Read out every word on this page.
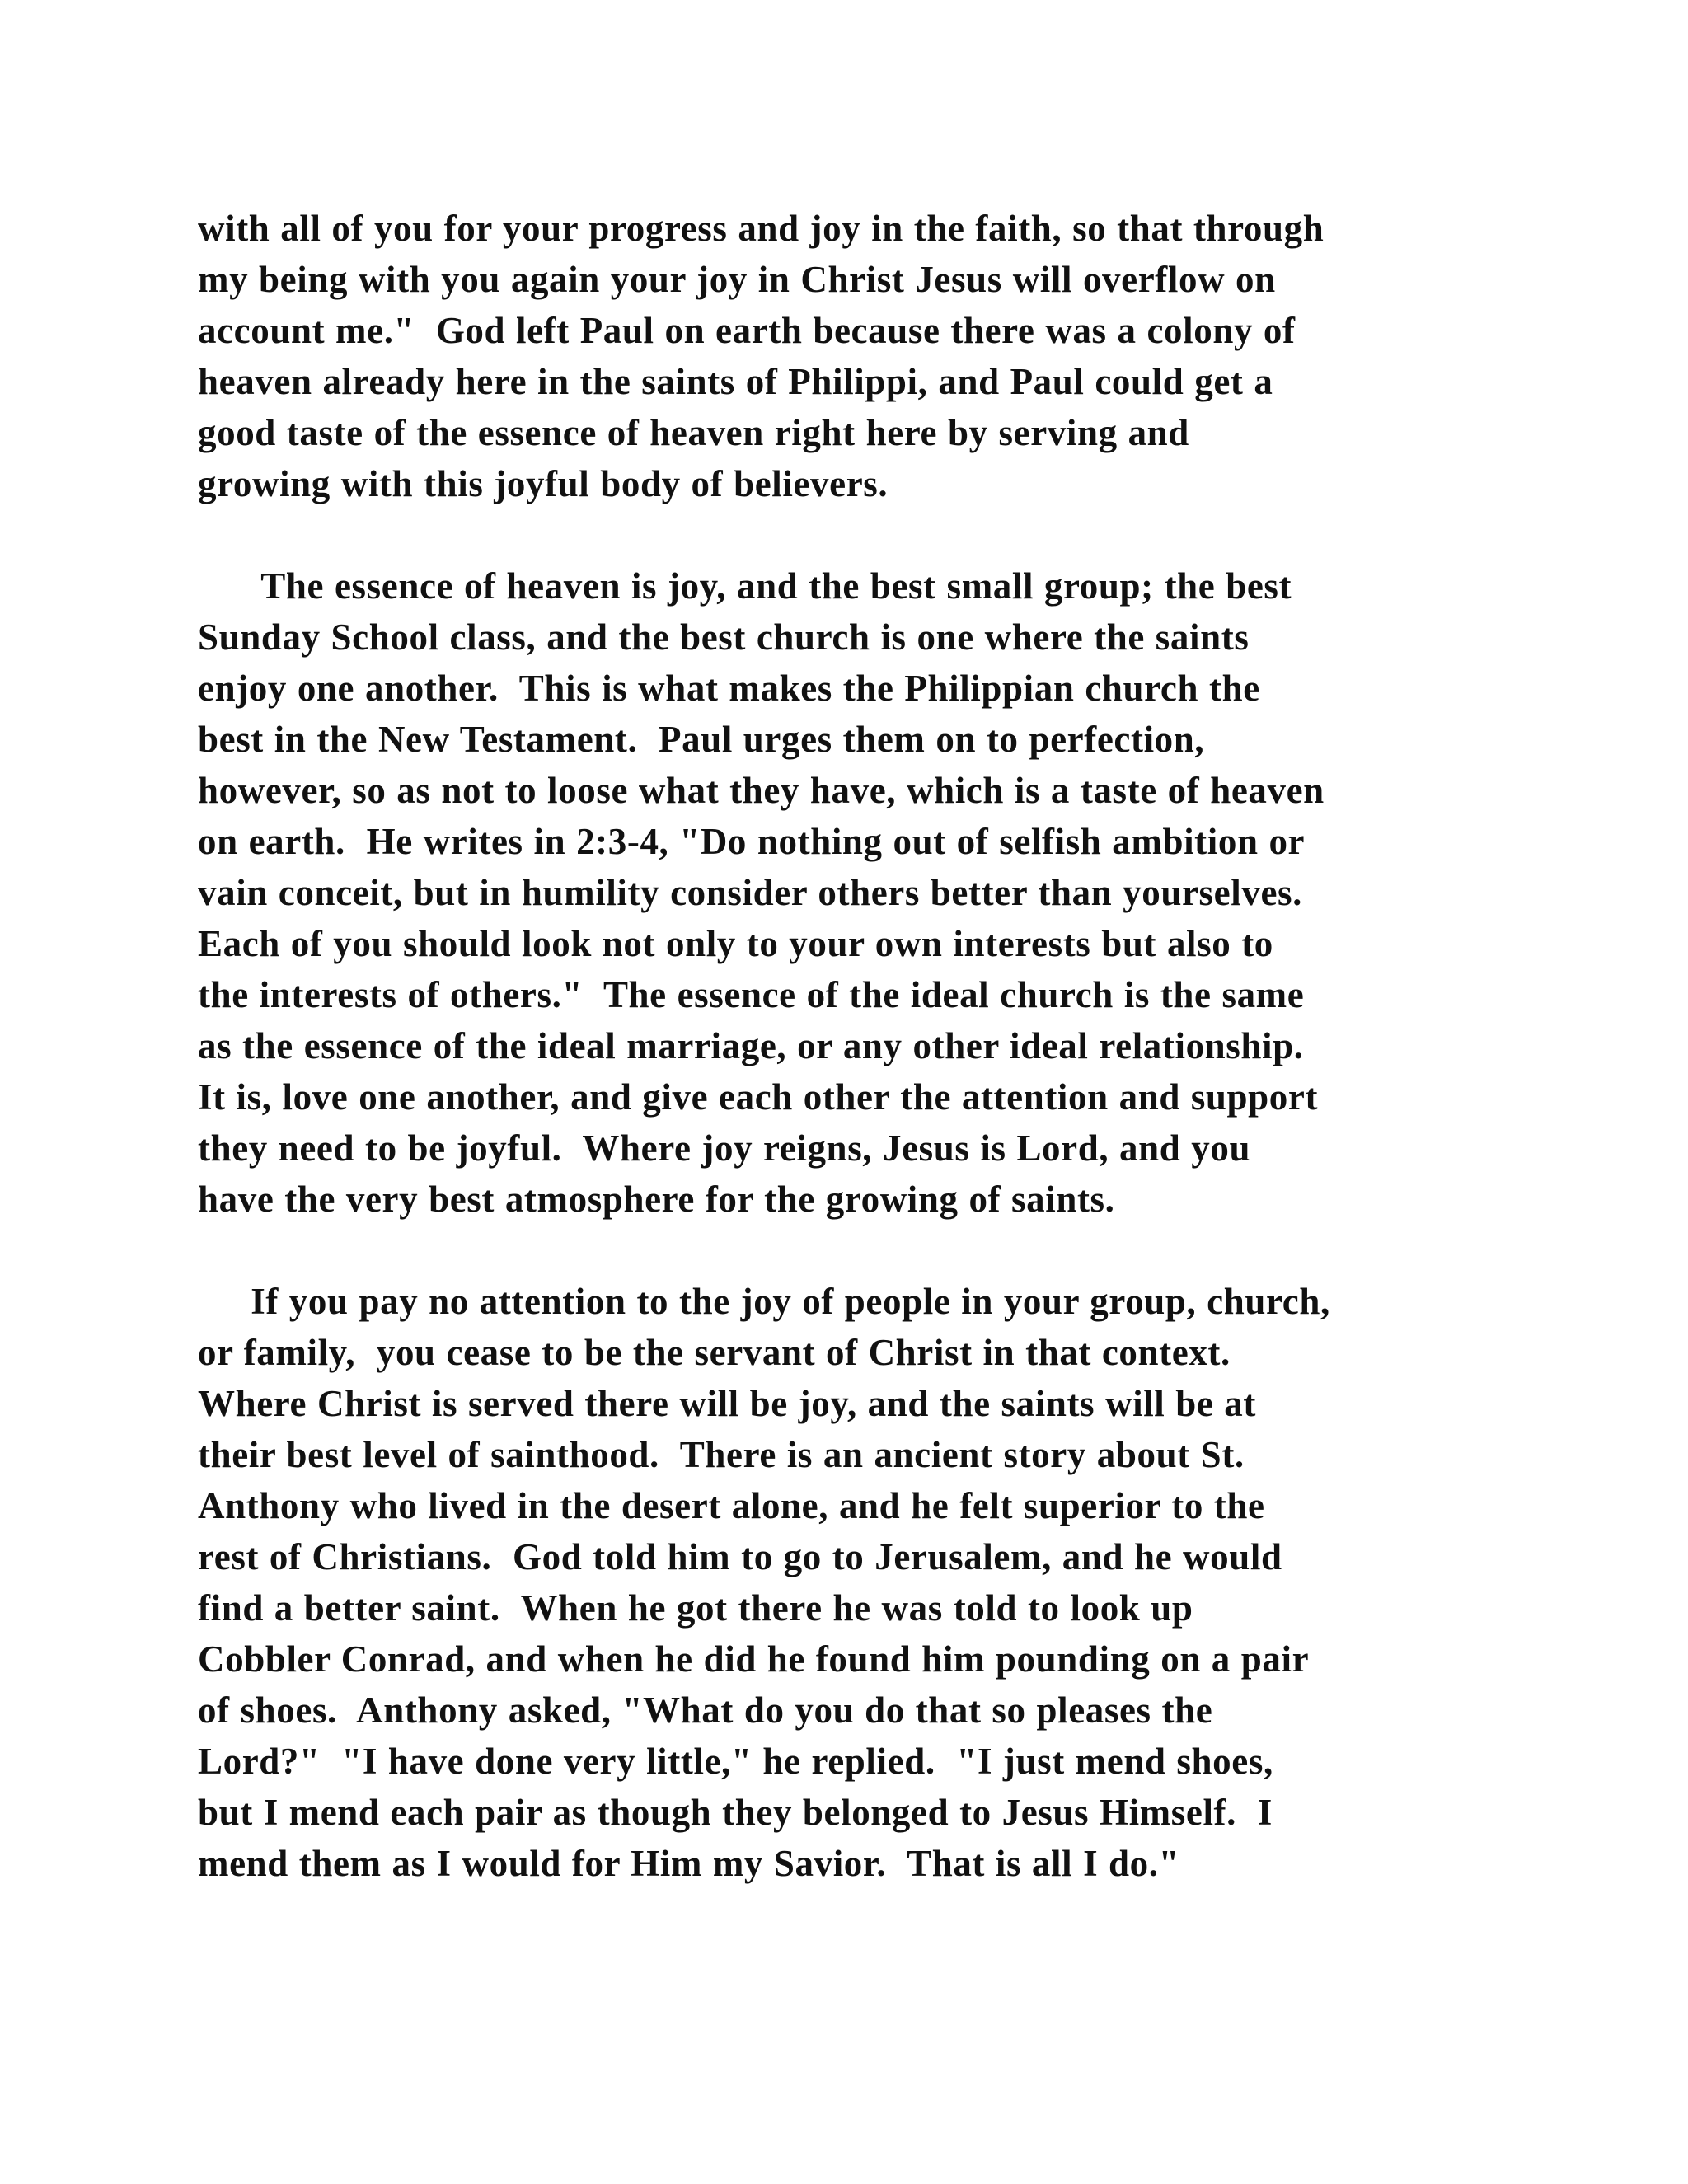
with all of you for your progress and joy in the faith, so that through
my being with you again your joy in Christ Jesus will overflow on
account me."  God left Paul on earth because there was a colony of
heaven already here in the saints of Philippi, and Paul could get a
good taste of the essence of heaven right here by serving and
growing with this joyful body of believers.
The essence of heaven is joy, and the best small group; the best
Sunday School class, and the best church is one where the saints
enjoy one another.  This is what makes the Philippian church the
best in the New Testament.  Paul urges them on to perfection,
however, so as not to loose what they have, which is a taste of heaven
on earth.  He writes in 2:3-4, "Do nothing out of selfish ambition or
vain conceit, but in humility consider others better than yourselves.
Each of you should look not only to your own interests but also to
the interests of others."  The essence of the ideal church is the same
as the essence of the ideal marriage, or any other ideal relationship.
It is, love one another, and give each other the attention and support
they need to be joyful.  Where joy reigns, Jesus is Lord, and you
have the very best atmosphere for the growing of saints.
If you pay no attention to the joy of people in your group, church,
or family,  you cease to be the servant of Christ in that context.
Where Christ is served there will be joy, and the saints will be at
their best level of sainthood.  There is an ancient story about St.
Anthony who lived in the desert alone, and he felt superior to the
rest of Christians.  God told him to go to Jerusalem, and he would
find a better saint.  When he got there he was told to look up
Cobbler Conrad, and when he did he found him pounding on a pair
of shoes.  Anthony asked, "What do you do that so pleases the
Lord?"  "I have done very little," he replied.  "I just mend shoes,
but I mend each pair as though they belonged to Jesus Himself.  I
mend them as I would for Him my Savior.  That is all I do."
